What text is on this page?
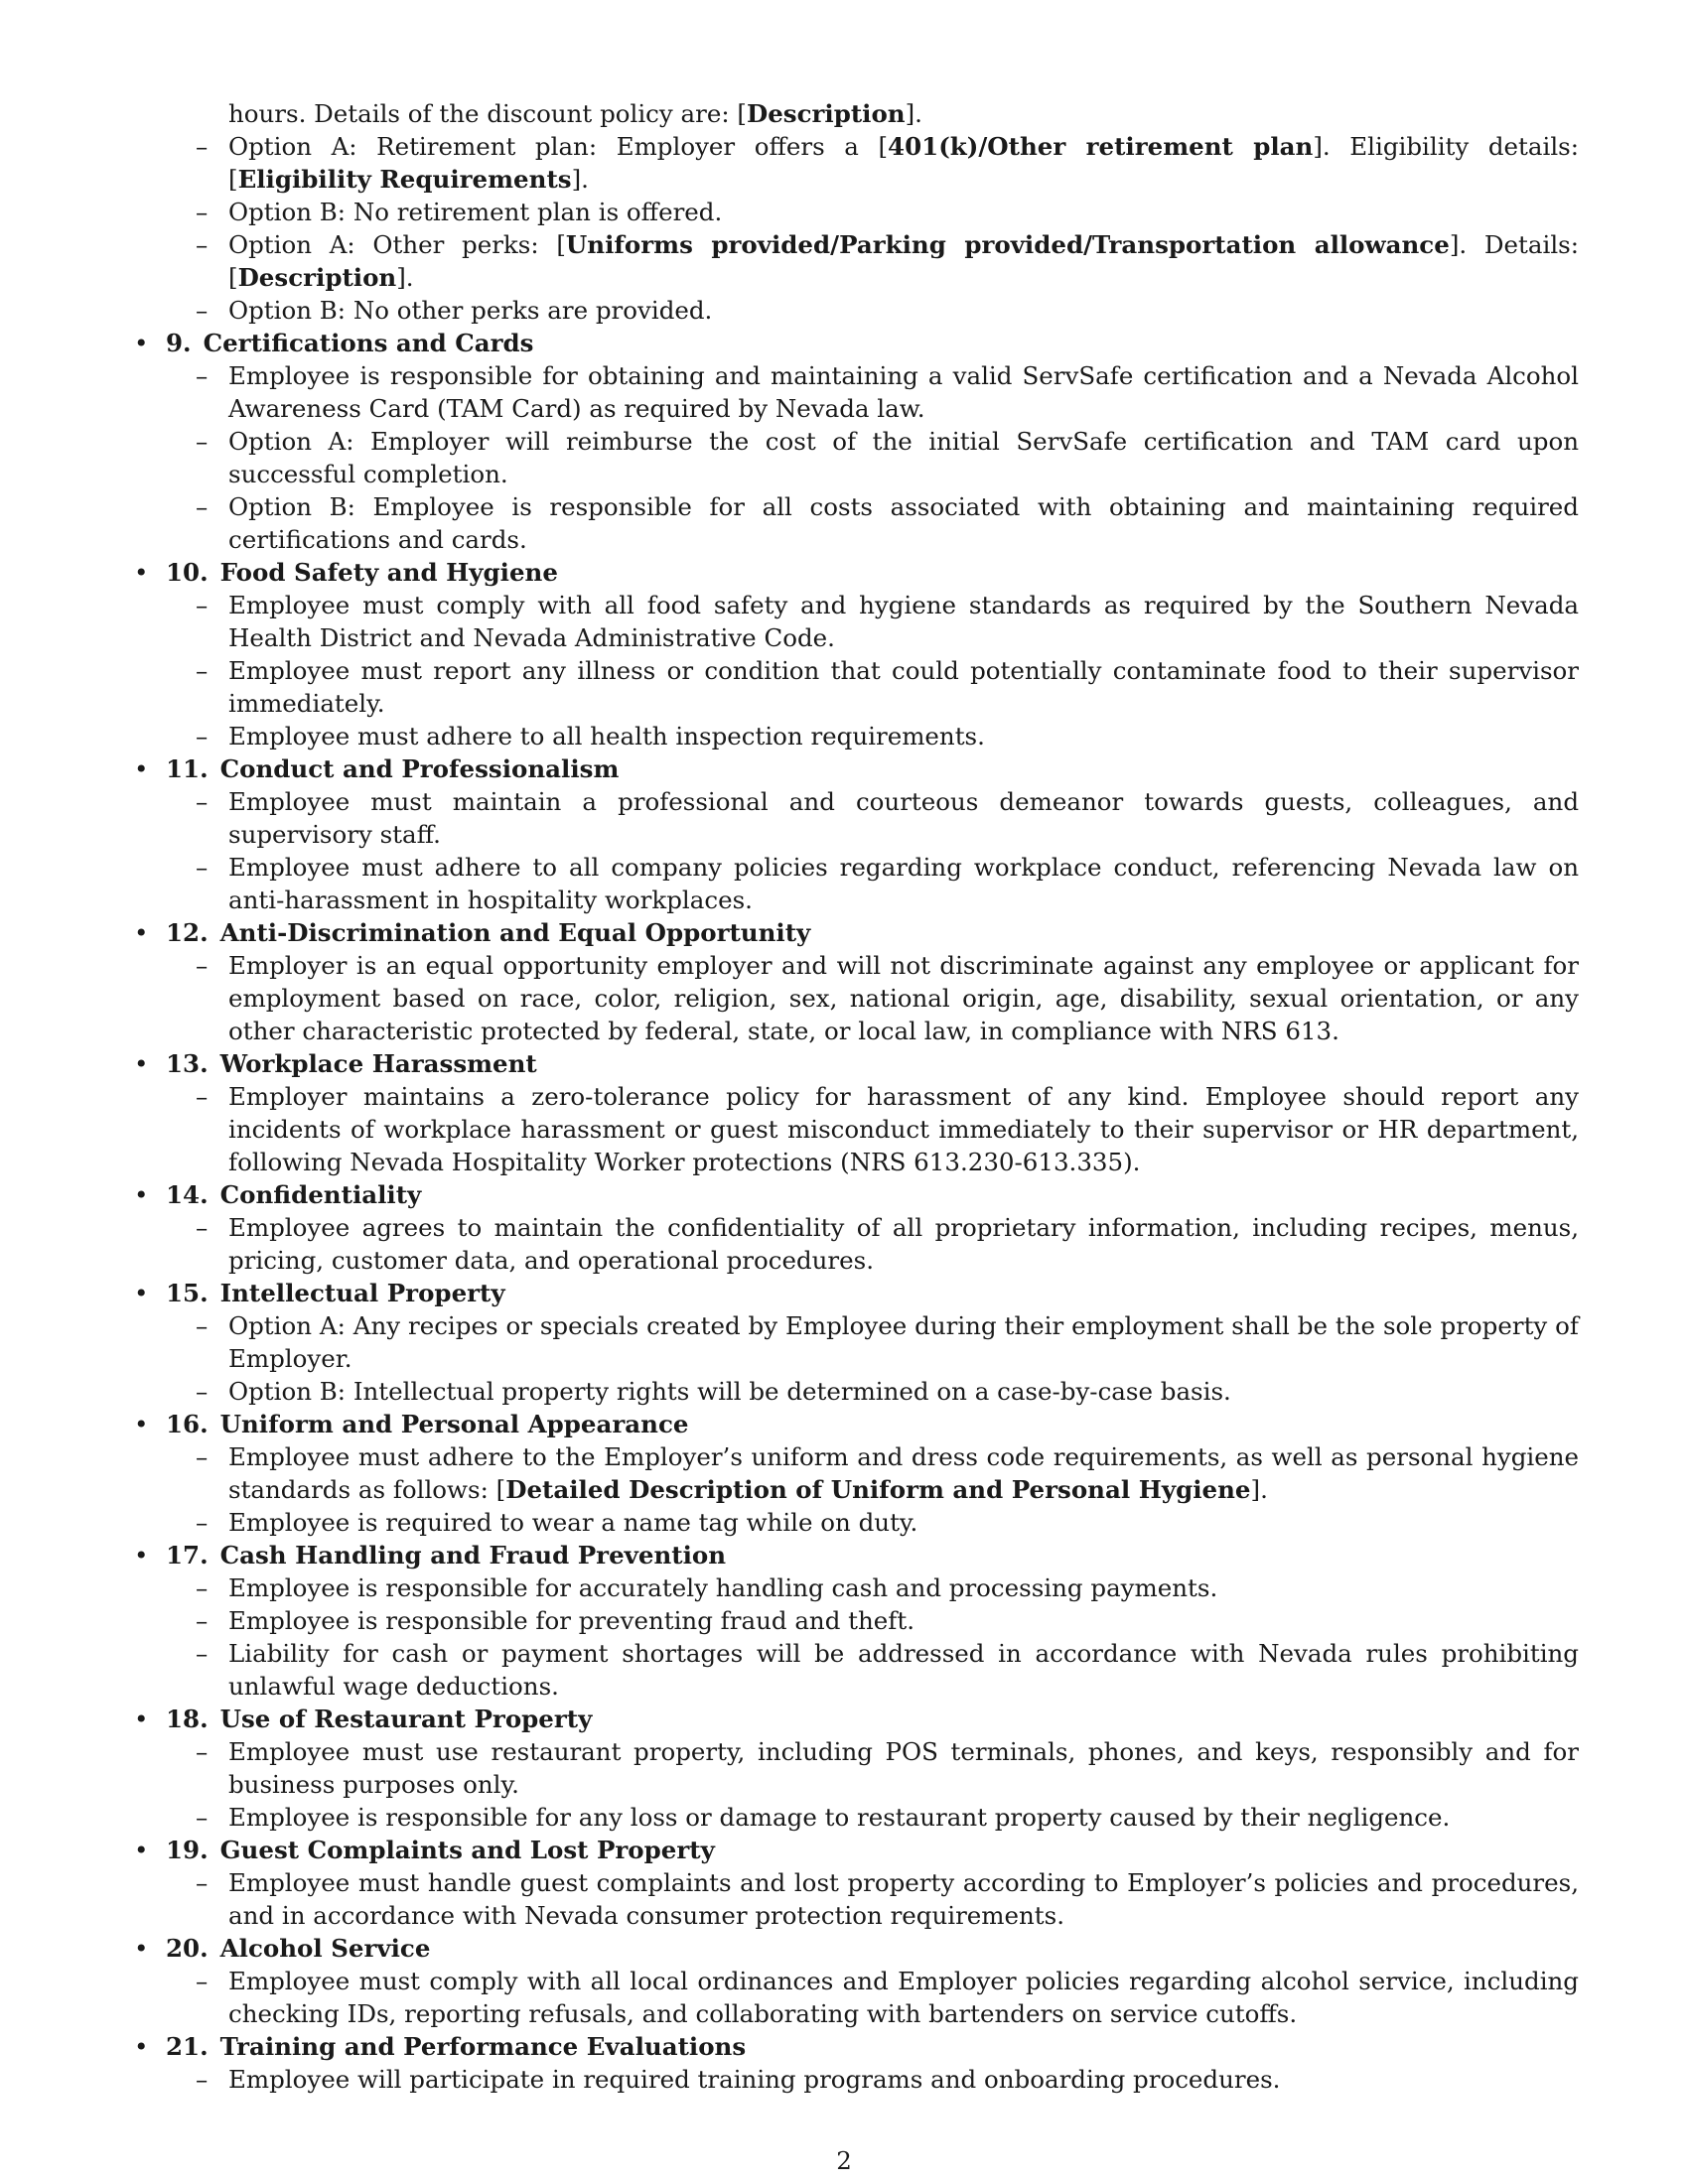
hours. Details of the discount policy are: [Description].

– Option A: Retirement plan: Employer offers a [401(k)/Other retirement plan]. Eligibility details: [Eligibility Requirements].
– Option B: No retirement plan is offered.
– Option A: Other perks: [Uniforms provided/Parking provided/Transportation allowance]. Details: [Description].
– Option B: No other perks are provided.
• 9. Certifications and Cards
– Employee is responsible for obtaining and maintaining a valid ServSafe certification and a Nevada Alcohol Awareness Card (TAM Card) as required by Nevada law.
– Option A: Employer will reimburse the cost of the initial ServSafe certification and TAM card upon successful completion.
– Option B: Employee is responsible for all costs associated with obtaining and maintaining required certifications and cards.
• 10. Food Safety and Hygiene
– Employee must comply with all food safety and hygiene standards as required by the Southern Nevada Health District and Nevada Administrative Code.
– Employee must report any illness or condition that could potentially contaminate food to their supervisor immediately.
– Employee must adhere to all health inspection requirements.
• 11. Conduct and Professionalism
– Employee must maintain a professional and courteous demeanor towards guests, colleagues, and supervisory staff.
– Employee must adhere to all company policies regarding workplace conduct, referencing Nevada law on anti-harassment in hospitality workplaces.
• 12. Anti-Discrimination and Equal Opportunity
– Employer is an equal opportunity employer and will not discriminate against any employee or applicant for employment based on race, color, religion, sex, national origin, age, disability, sexual orientation, or any other characteristic protected by federal, state, or local law, in compliance with NRS 613.
• 13. Workplace Harassment
– Employer maintains a zero-tolerance policy for harassment of any kind. Employee should report any incidents of workplace harassment or guest misconduct immediately to their supervisor or HR department, following Nevada Hospitality Worker protections (NRS 613.230-613.335).
• 14. Confidentiality
– Employee agrees to maintain the confidentiality of all proprietary information, including recipes, menus, pricing, customer data, and operational procedures.
• 15. Intellectual Property
– Option A: Any recipes or specials created by Employee during their employment shall be the sole property of Employer.
– Option B: Intellectual property rights will be determined on a case-by-case basis.
• 16. Uniform and Personal Appearance
– Employee must adhere to the Employer’s uniform and dress code requirements, as well as personal hygiene standards as follows: [Detailed Description of Uniform and Personal Hygiene].
– Employee is required to wear a name tag while on duty.
• 17. Cash Handling and Fraud Prevention
– Employee is responsible for accurately handling cash and processing payments.
– Employee is responsible for preventing fraud and theft.
– Liability for cash or payment shortages will be addressed in accordance with Nevada rules prohibiting unlawful wage deductions.
• 18. Use of Restaurant Property
– Employee must use restaurant property, including POS terminals, phones, and keys, responsibly and for business purposes only.
– Employee is responsible for any loss or damage to restaurant property caused by their negligence.
• 19. Guest Complaints and Lost Property
– Employee must handle guest complaints and lost property according to Employer’s policies and procedures, and in accordance with Nevada consumer protection requirements.
• 20. Alcohol Service
– Employee must comply with all local ordinances and Employer policies regarding alcohol service, including checking IDs, reporting refusals, and collaborating with bartenders on service cutoffs.
• 21. Training and Performance Evaluations
– Employee will participate in required training programs and onboarding procedures.
2
